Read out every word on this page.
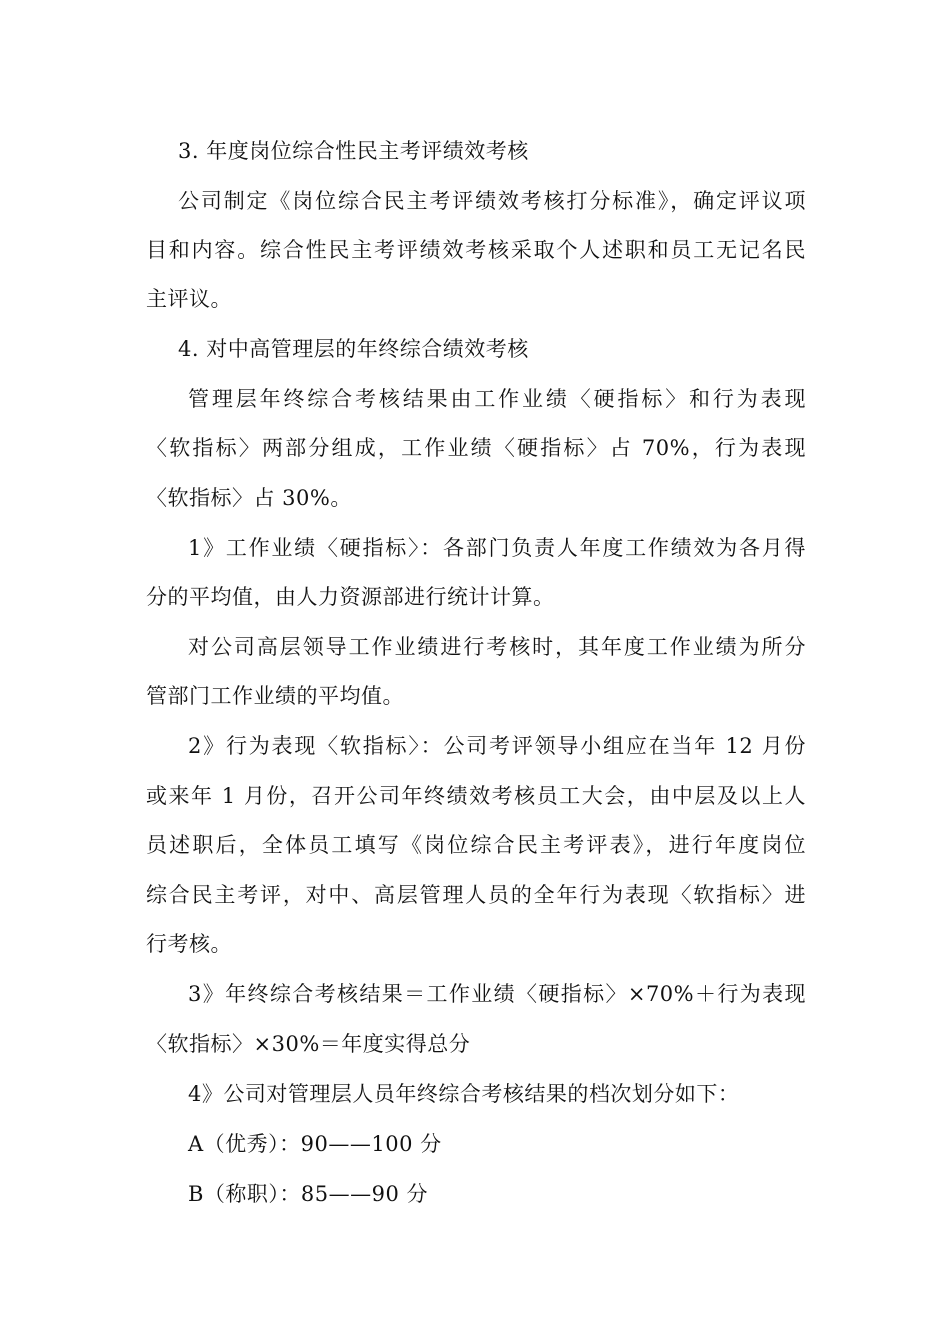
3. 年度岗位综合性民主考评绩效考核
公司制定《岗位综合民主考评绩效考核打分标准》，确定评议项
目和内容。综合性民主考评绩效考核采取个人述职和员工无记名民
主评议。
4. 对中高管理层的年终综合绩效考核
管理层年终综合考核结果由工作业绩〈硬指标〉和行为表现
〈软指标〉两部分组成，工作业绩〈硬指标〉占 70%，行为表现
〈软指标〉占 30%。
1》工作业绩〈硬指标〉：各部门负责人年度工作绩效为各月得
分的平均值，由人力资源部进行统计计算。
对公司高层领导工作业绩进行考核时，其年度工作业绩为所分
管部门工作业绩的平均值。
2》行为表现〈软指标〉：公司考评领导小组应在当年 12 月份
或来年 1 月份，召开公司年终绩效考核员工大会，由中层及以上人
员述职后，全体员工填写《岗位综合民主考评表》，进行年度岗位
综合民主考评，对中、高层管理人员的全年行为表现〈软指标〉进
行考核。
3》年终综合考核结果＝工作业绩〈硬指标〉×70%＋行为表现
〈软指标〉×30%＝年度实得总分
4》公司对管理层人员年终综合考核结果的档次划分如下：
A（优秀）：90——100 分
B（称职）：85——90 分
